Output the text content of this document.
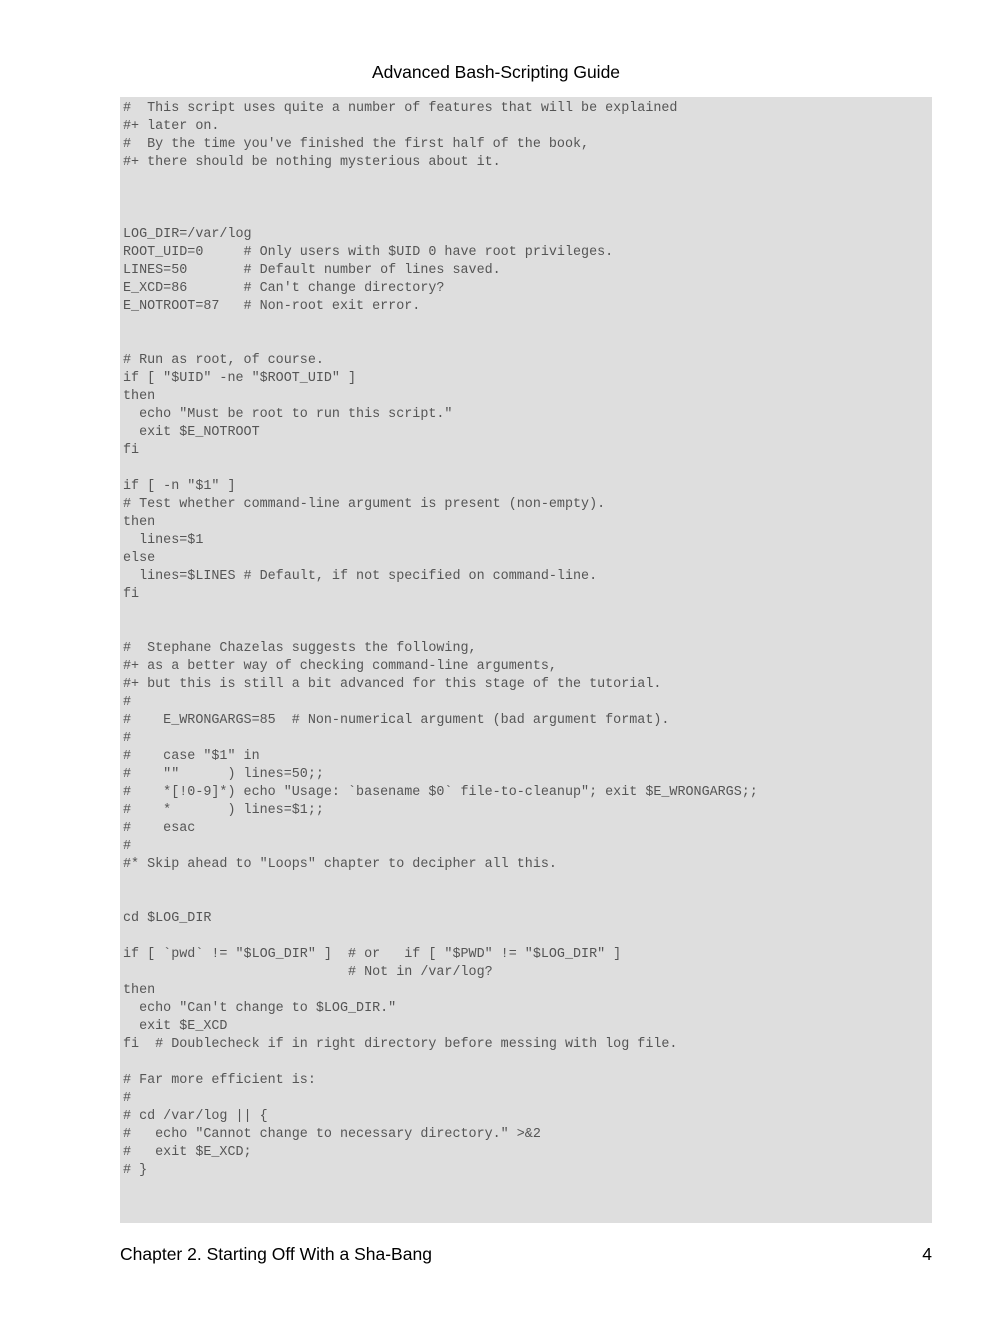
Advanced Bash-Scripting Guide
#  This script uses quite a number of features that will be explained
#+ later on.
#  By the time you've finished the first half of the book,
#+ there should be nothing mysterious about it.

LOG_DIR=/var/log
ROOT_UID=0     # Only users with $UID 0 have root privileges.
LINES=50       # Default number of lines saved.
E_XCD=86       # Can't change directory?
E_NOTROOT=87   # Non-root exit error.

# Run as root, of course.
if [ "$UID" -ne "$ROOT_UID" ]
then
echo "Must be root to run this script."
exit $E_NOTROOT
fi

if [ -n "$1" ]
# Test whether command-line argument is present (non-empty).
then
lines=$1
else
lines=$LINES # Default, if not specified on command-line.
fi

#  Stephane Chazelas suggests the following,
#+ as a better way of checking command-line arguments,
#+ but this is still a bit advanced for this stage of the tutorial.
#
#    E_WRONGARGS=85  # Non-numerical argument (bad argument format).
#
#    case "$1" in
#    ""      ) lines=50;;
#    *[!0-9]*) echo "Usage: `basename $0` file-to-cleanup"; exit $E_WRONGARGS;;
#    *       ) lines=$1;;
#    esac
#
#* Skip ahead to "Loops" chapter to decipher all this.

cd $LOG_DIR

if [ `pwd` != "$LOG_DIR" ]  # or   if [ "$PWD" != "$LOG_DIR" ]
# Not in /var/log?
then
echo "Can't change to $LOG_DIR."
exit $E_XCD
fi  # Doublecheck if in right directory before messing with log file.

# Far more efficient is:
#
# cd /var/log || {
#   echo "Cannot change to necessary directory." >&2
#   exit $E_XCD;
# }

Chapter 2. Starting Off With a Sha-Bang	4
